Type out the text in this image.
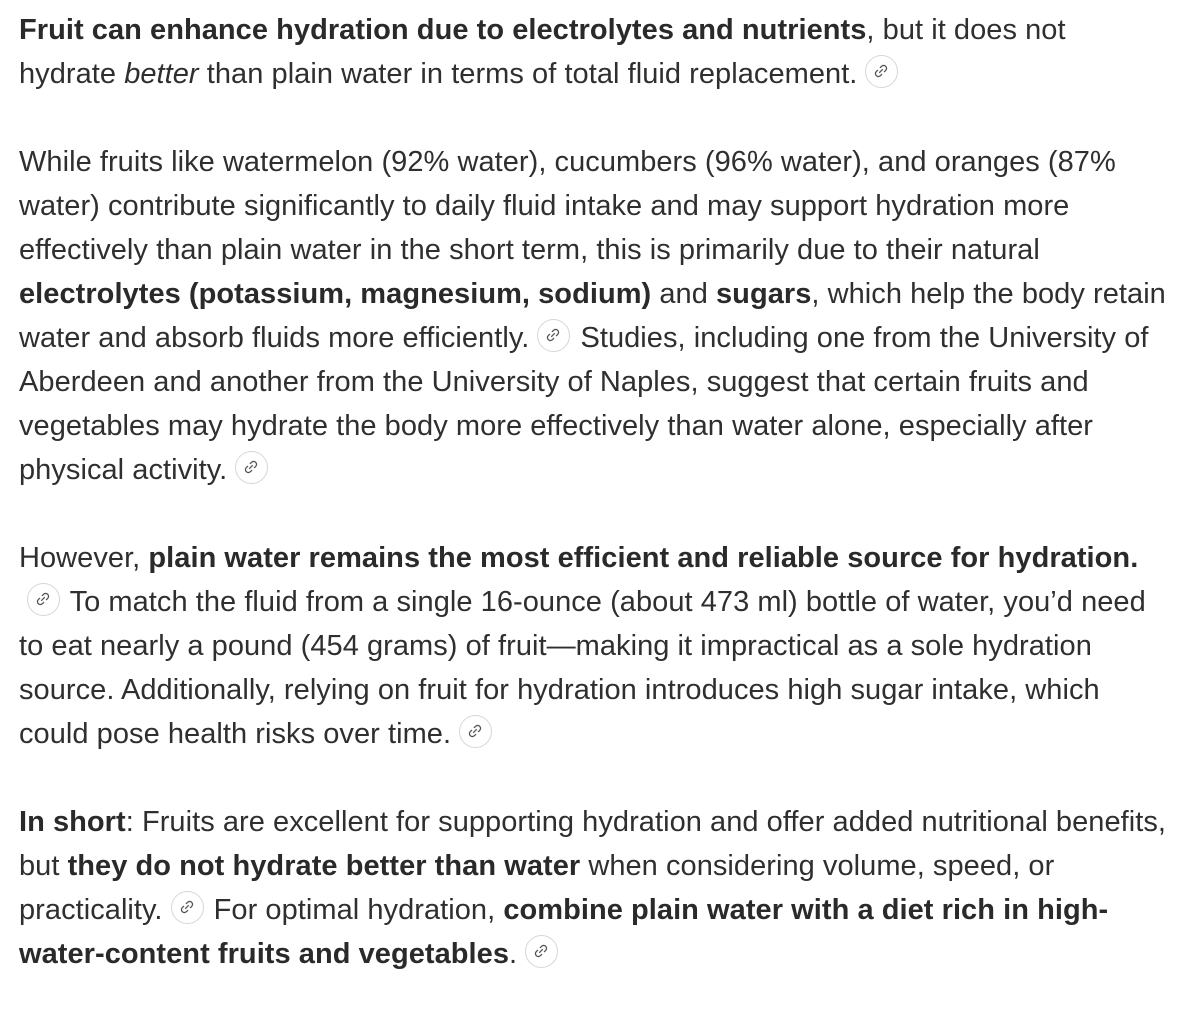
Fruit can enhance hydration due to electrolytes and nutrients, but it does not hydrate better than plain water in terms of total fluid replacement.

While fruits like watermelon (92% water), cucumbers (96% water), and oranges (87% water) contribute significantly to daily fluid intake and may support hydration more effectively than plain water in the short term, this is primarily due to their natural electrolytes (potassium, magnesium, sodium) and sugars, which help the body retain water and absorb fluids more efficiently.
Studies, including one from the University of Aberdeen and another from the University of Naples, suggest that certain fruits and vegetables may hydrate the body more effectively than water alone, especially after physical activity.

However, plain water remains the most efficient and reliable source for hydration.
To match the fluid from a single 16-ounce (about 473 ml) bottle of water, you’d need to eat nearly a pound (454 grams) of fruit—making it impractical as a sole hydration source. Additionally, relying on fruit for hydration introduces high sugar intake, which could pose health risks over time.

In short: Fruits are excellent for supporting hydration and offer added nutritional benefits, but they do not hydrate better than water when considering volume, speed, or practicality.
For optimal hydration, combine plain water with a diet rich in high-water-content fruits and vegetables.
